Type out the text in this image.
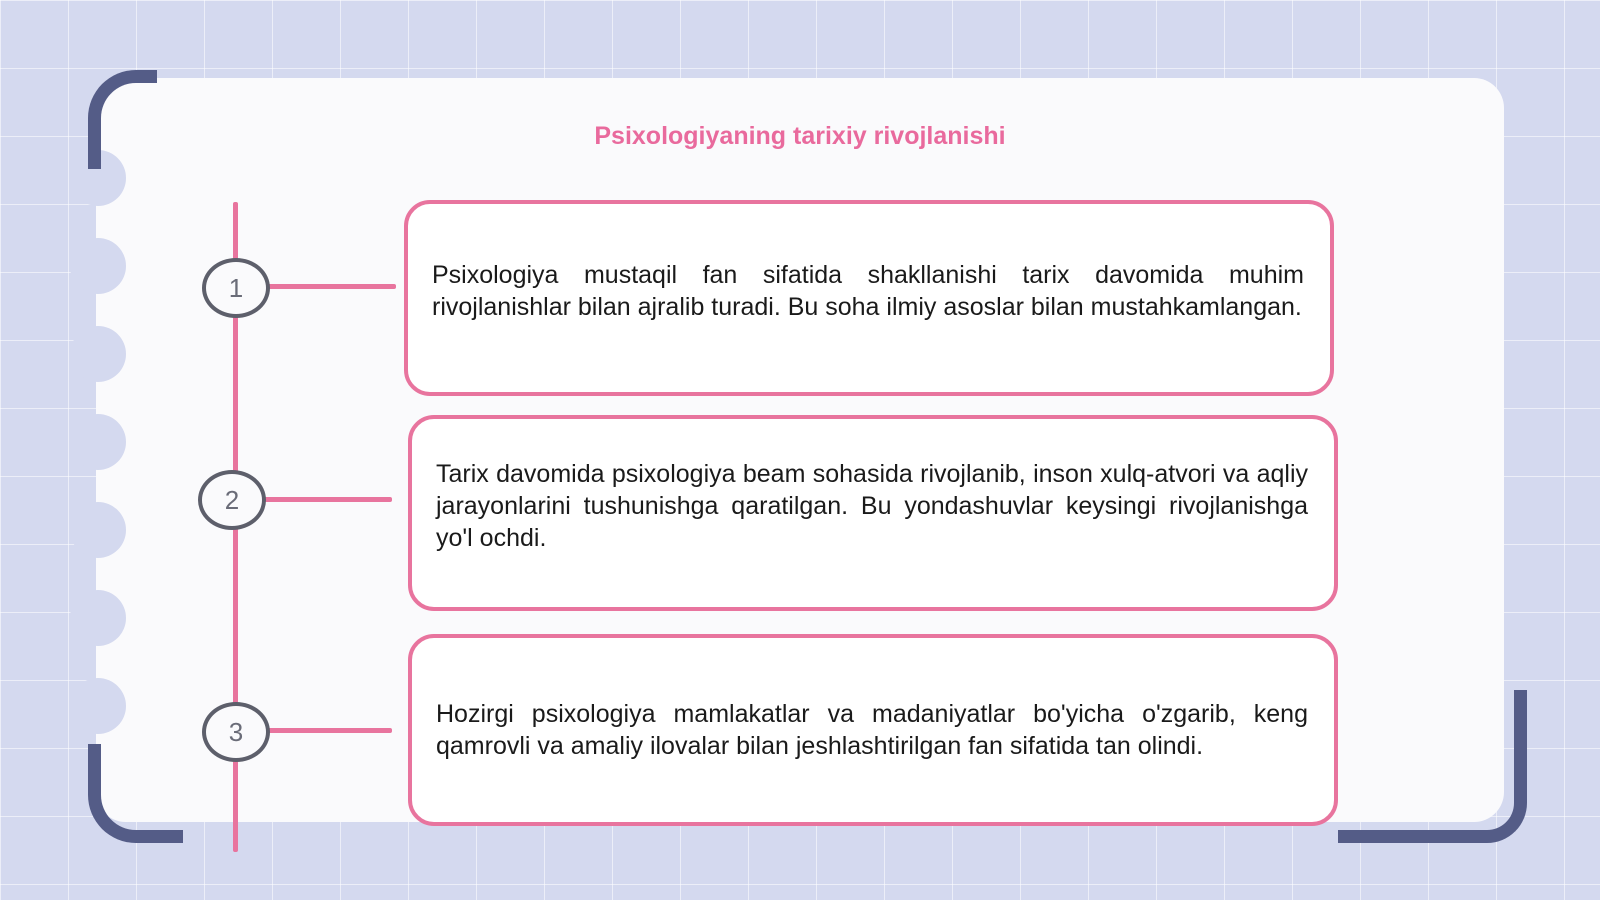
Psixologiyaning tarixiy rivojlanishi
1
2
3

Psixologiya mustaqil fan sifatida shakllanishi tarix davomida muhim rivojlanishlar bilan ajralib turadi. Bu soha ilmiy asoslar bilan mustahkamlangan.

Tarix davomida psixologiya beam sohasida rivojlanib, inson xulq-atvori va aqliy jarayonlarini tushunishga qaratilgan. Bu yondashuvlar keysingi rivojlanishga yo'l ochdi.

Hozirgi psixologiya mamlakatlar va madaniyatlar bo'yicha o'zgarib, keng qamrovli va amaliy ilovalar bilan jeshlashtirilgan fan sifatida tan olindi.
